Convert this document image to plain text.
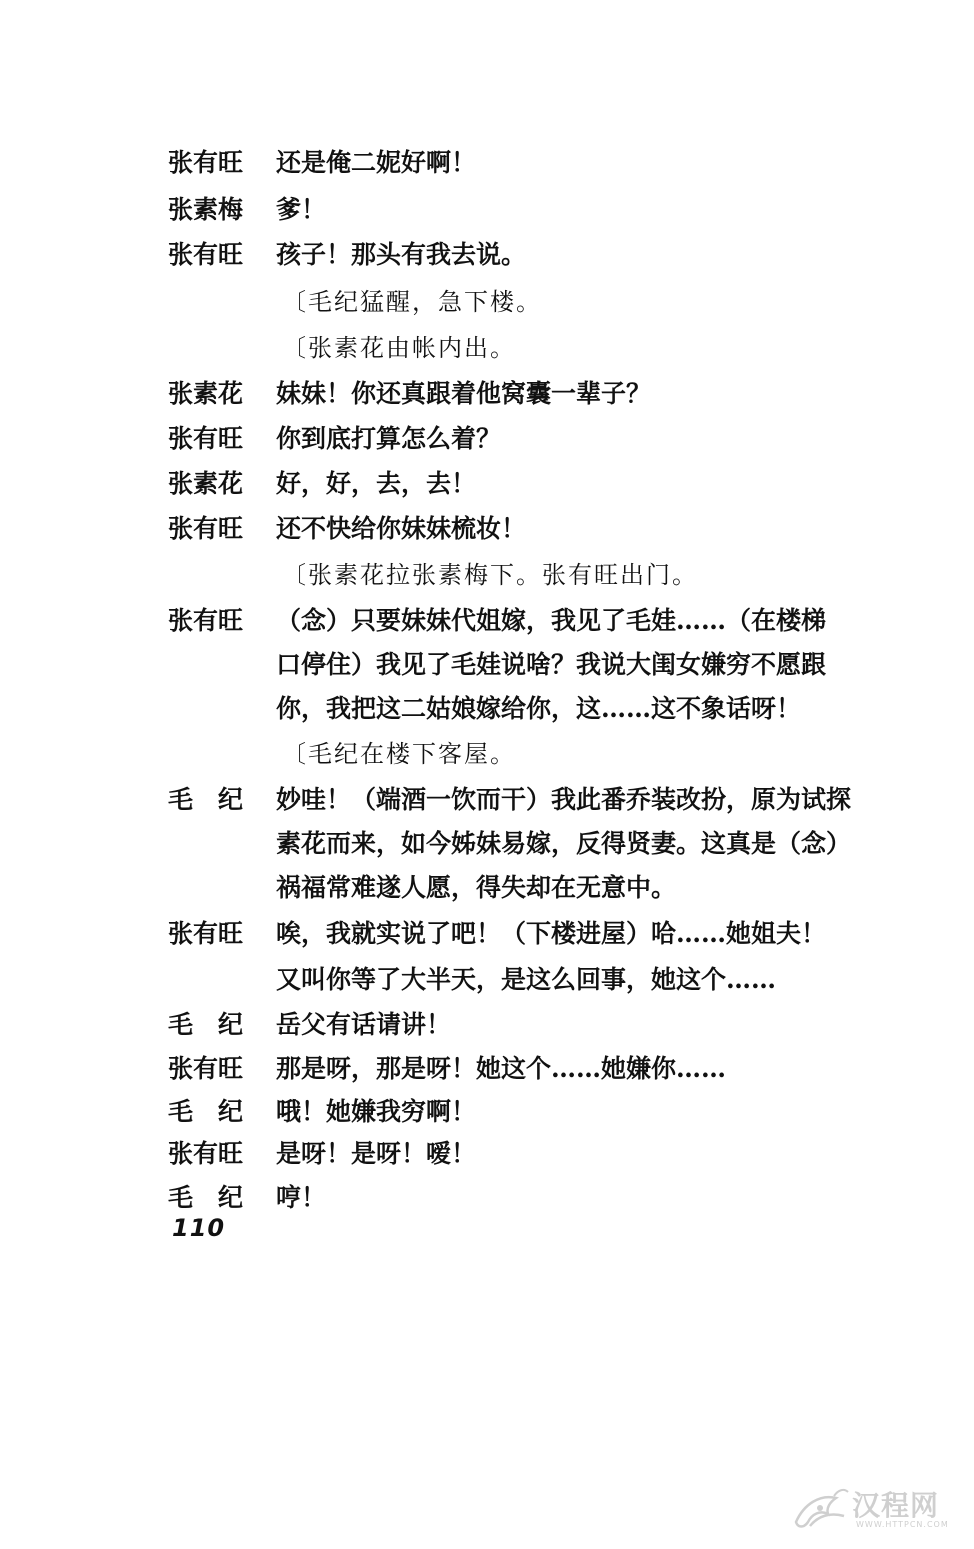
张有旺	还是俺二妮好啊！
张素梅	爹！
张有旺	孩子！那头有我去说。
〔毛纪猛醒，急下楼。
〔张素花由帐内出。
张素花	妹妹！你还真跟着他窝囊一辈子？
张有旺	你到底打算怎么着？
张素花	好，好，去，去！
张有旺	还不快给你妹妹梳妆！
〔张素花拉张素梅下。张有旺出门。
张有旺	（念）只要妹妹代姐嫁，我见了毛娃……（在楼梯
口停住）我见了毛娃说啥？我说大闺女嫌穷不愿跟
你，我把这二姑娘嫁给你，这……这不象话呀！
〔毛纪在楼下客屋。
毛　纪	妙哇！（端酒一饮而干）我此番乔装改扮，原为试探
素花而来，如今姊妹易嫁，反得贤妻。这真是（念）
祸福常难遂人愿，得失却在无意中。
张有旺	唉，我就实说了吧！（下楼进屋）哈……她姐夫！
又叫你等了大半天，是这么回事，她这个……
毛　纪	岳父有话请讲！
张有旺	那是呀，那是呀！她这个……她嫌你……
毛　纪	哦！她嫌我穷啊！
张有旺	是呀！是呀！嗳！
毛　纪	哼！
110
汉程网
WWW.HTTPCN.COM
